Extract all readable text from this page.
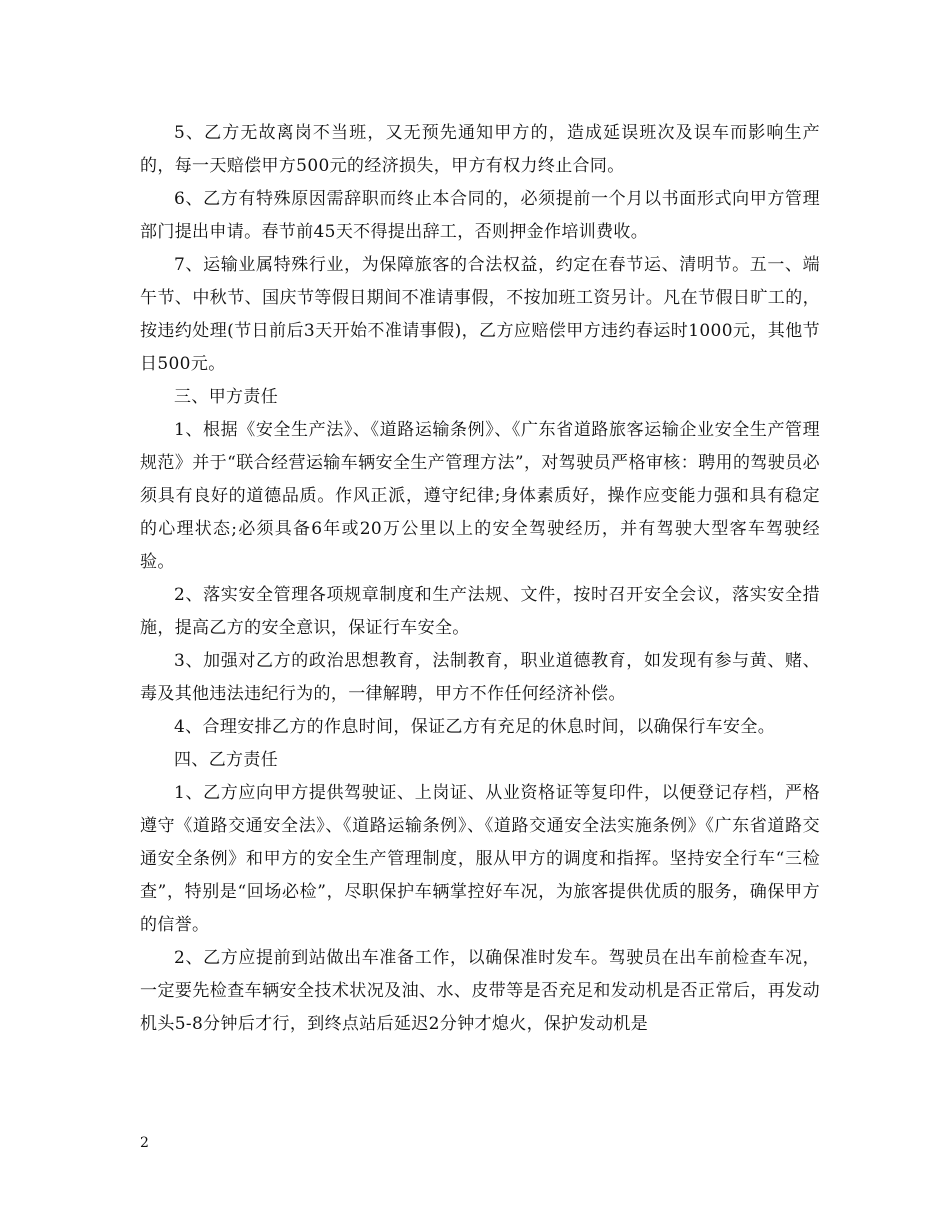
5、乙方无故离岗不当班，又无预先通知甲方的，造成延误班次及误车而影响生产的，每一天赔偿甲方500元的经济损失，甲方有权力终止合同。

6、乙方有特殊原因需辞职而终止本合同的，必须提前一个月以书面形式向甲方管理部门提出申请。春节前45天不得提出辞工，否则押金作培训费收。

7、运输业属特殊行业，为保障旅客的合法权益，约定在春节运、清明节。五一、端午节、中秋节、国庆节等假日期间不准请事假，不按加班工资另计。凡在节假日旷工的，按违约处理(节日前后3天开始不准请事假)，乙方应赔偿甲方违约春运时1000元，其他节日500元。

三、甲方责任

1、根据《安全生产法》、《道路运输条例》、《广东省道路旅客运输企业安全生产管理规范》并于“联合经营运输车辆安全生产管理方法”，对驾驶员严格审核：聘用的驾驶员必须具有良好的道德品质。作风正派，遵守纪律;身体素质好，操作应变能力强和具有稳定的心理状态;必须具备6年或20万公里以上的安全驾驶经历，并有驾驶大型客车驾驶经验。

2、落实安全管理各项规章制度和生产法规、文件，按时召开安全会议，落实安全措施，提高乙方的安全意识，保证行车安全。

3、加强对乙方的政治思想教育，法制教育，职业道德教育，如发现有参与黄、赌、毒及其他违法违纪行为的，一律解聘，甲方不作任何经济补偿。

4、合理安排乙方的作息时间，保证乙方有充足的休息时间，以确保行车安全。

四、乙方责任

1、乙方应向甲方提供驾驶证、上岗证、从业资格证等复印件，以便登记存档，严格遵守《道路交通安全法》、《道路运输条例》、《道路交通安全法实施条例》《广东省道路交通安全条例》和甲方的安全生产管理制度，服从甲方的调度和指挥。坚持安全行车“三检查”，特别是“回场必检”，尽职保护车辆掌控好车况，为旅客提供优质的服务，确保甲方的信誉。

2、乙方应提前到站做出车准备工作，以确保准时发车。驾驶员在出车前检查车况，一定要先检查车辆安全技术状况及油、水、皮带等是否充足和发动机是否正常后，再发动机头5-8分钟后才行，到终点站后延迟2分钟才熄火，保护发动机是

2
